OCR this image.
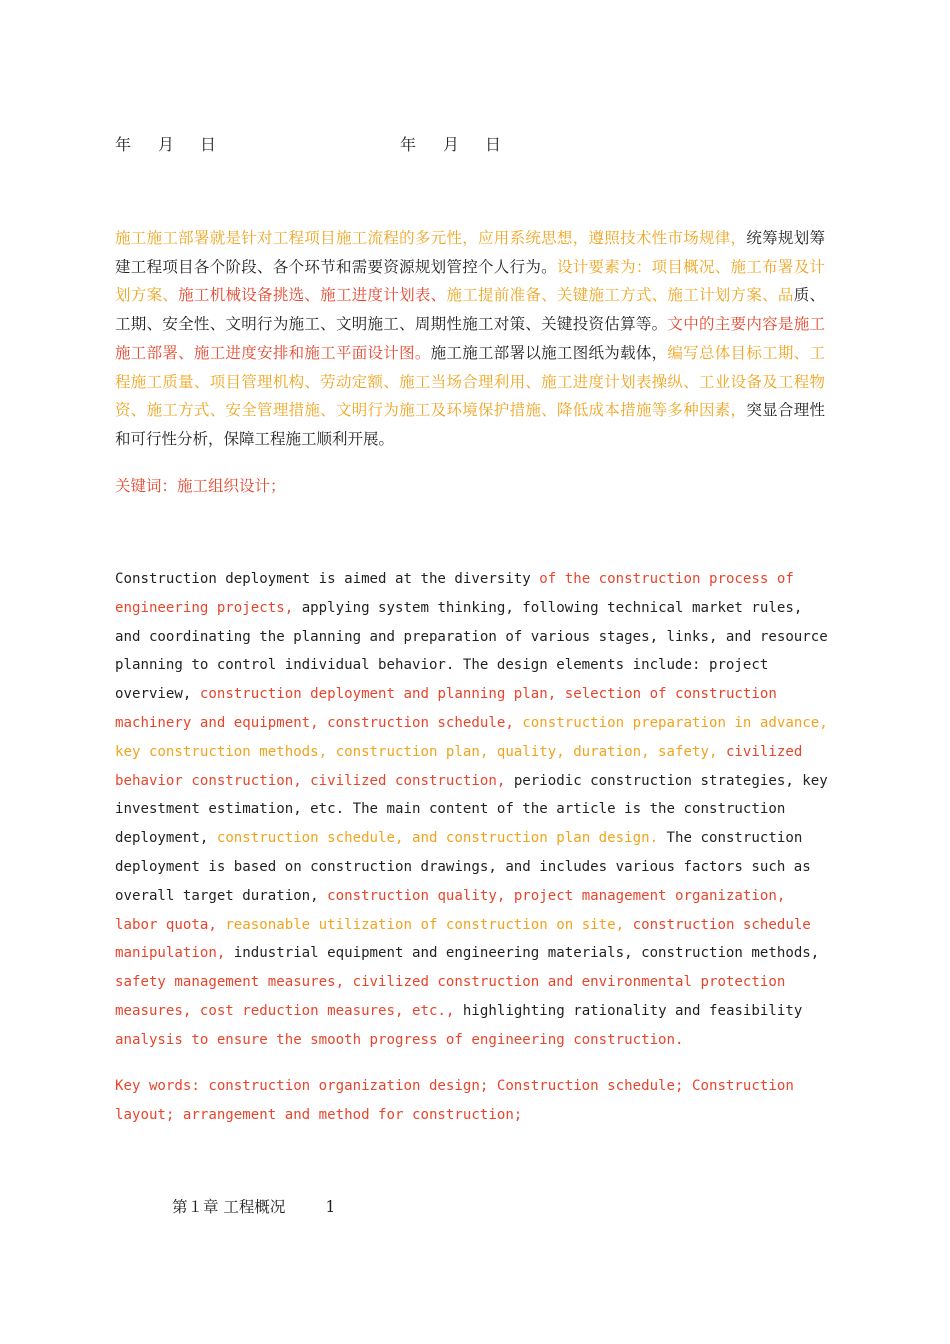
年 月 日	年 月 日

施工施工部署就是针对工程项目施工流程的多元性，应用系统思想，遵照技术性市场规律，统筹规划筹建工程项目各个阶段、各个环节和需要资源规划管控个人行为。设计要素为：项目概况、施工布署及计划方案、施工机械设备挑选、施工进度计划表、施工提前准备、关键施工方式、施工计划方案、品质、工期、安全性、文明行为施工、文明施工、周期性施工对策、关键投资估算等。文中的主要内容是施工施工部署、施工进度安排和施工平面设计图。施工施工部署以施工图纸为载体，编写总体目标工期、工程施工质量、项目管理机构、劳动定额、施工当场合理利用、施工进度计划表操纵、工业设备及工程物资、施工方式、安全管理措施、文明行为施工及环境保护措施、降低成本措施等多种因素，突显合理性和可行性分析，保障工程施工顺利开展。

关键词：施工组织设计；

Construction deployment is aimed at the diversity of the construction process of engineering projects, applying system thinking, following technical market rules, and coordinating the planning and preparation of various stages, links, and resource planning to control individual behavior. The design elements include: project overview, construction deployment and planning plan, selection of construction machinery and equipment, construction schedule, construction preparation in advance, key construction methods, construction plan, quality, duration, safety, civilized behavior construction, civilized construction, periodic construction strategies, key investment estimation, etc. The main content of the article is the construction deployment, construction schedule, and construction plan design. The construction deployment is based on construction drawings, and includes various factors such as overall target duration, construction quality, project management organization, labor quota, reasonable utilization of construction on site, construction schedule manipulation, industrial equipment and engineering materials, construction methods, safety management measures, civilized construction and environmental protection measures, cost reduction measures, etc., highlighting rationality and feasibility analysis to ensure the smooth progress of engineering construction.

Key words: construction organization design; Construction schedule; Construction layout; arrangement and method for construction;

第１章 工程概况	1
